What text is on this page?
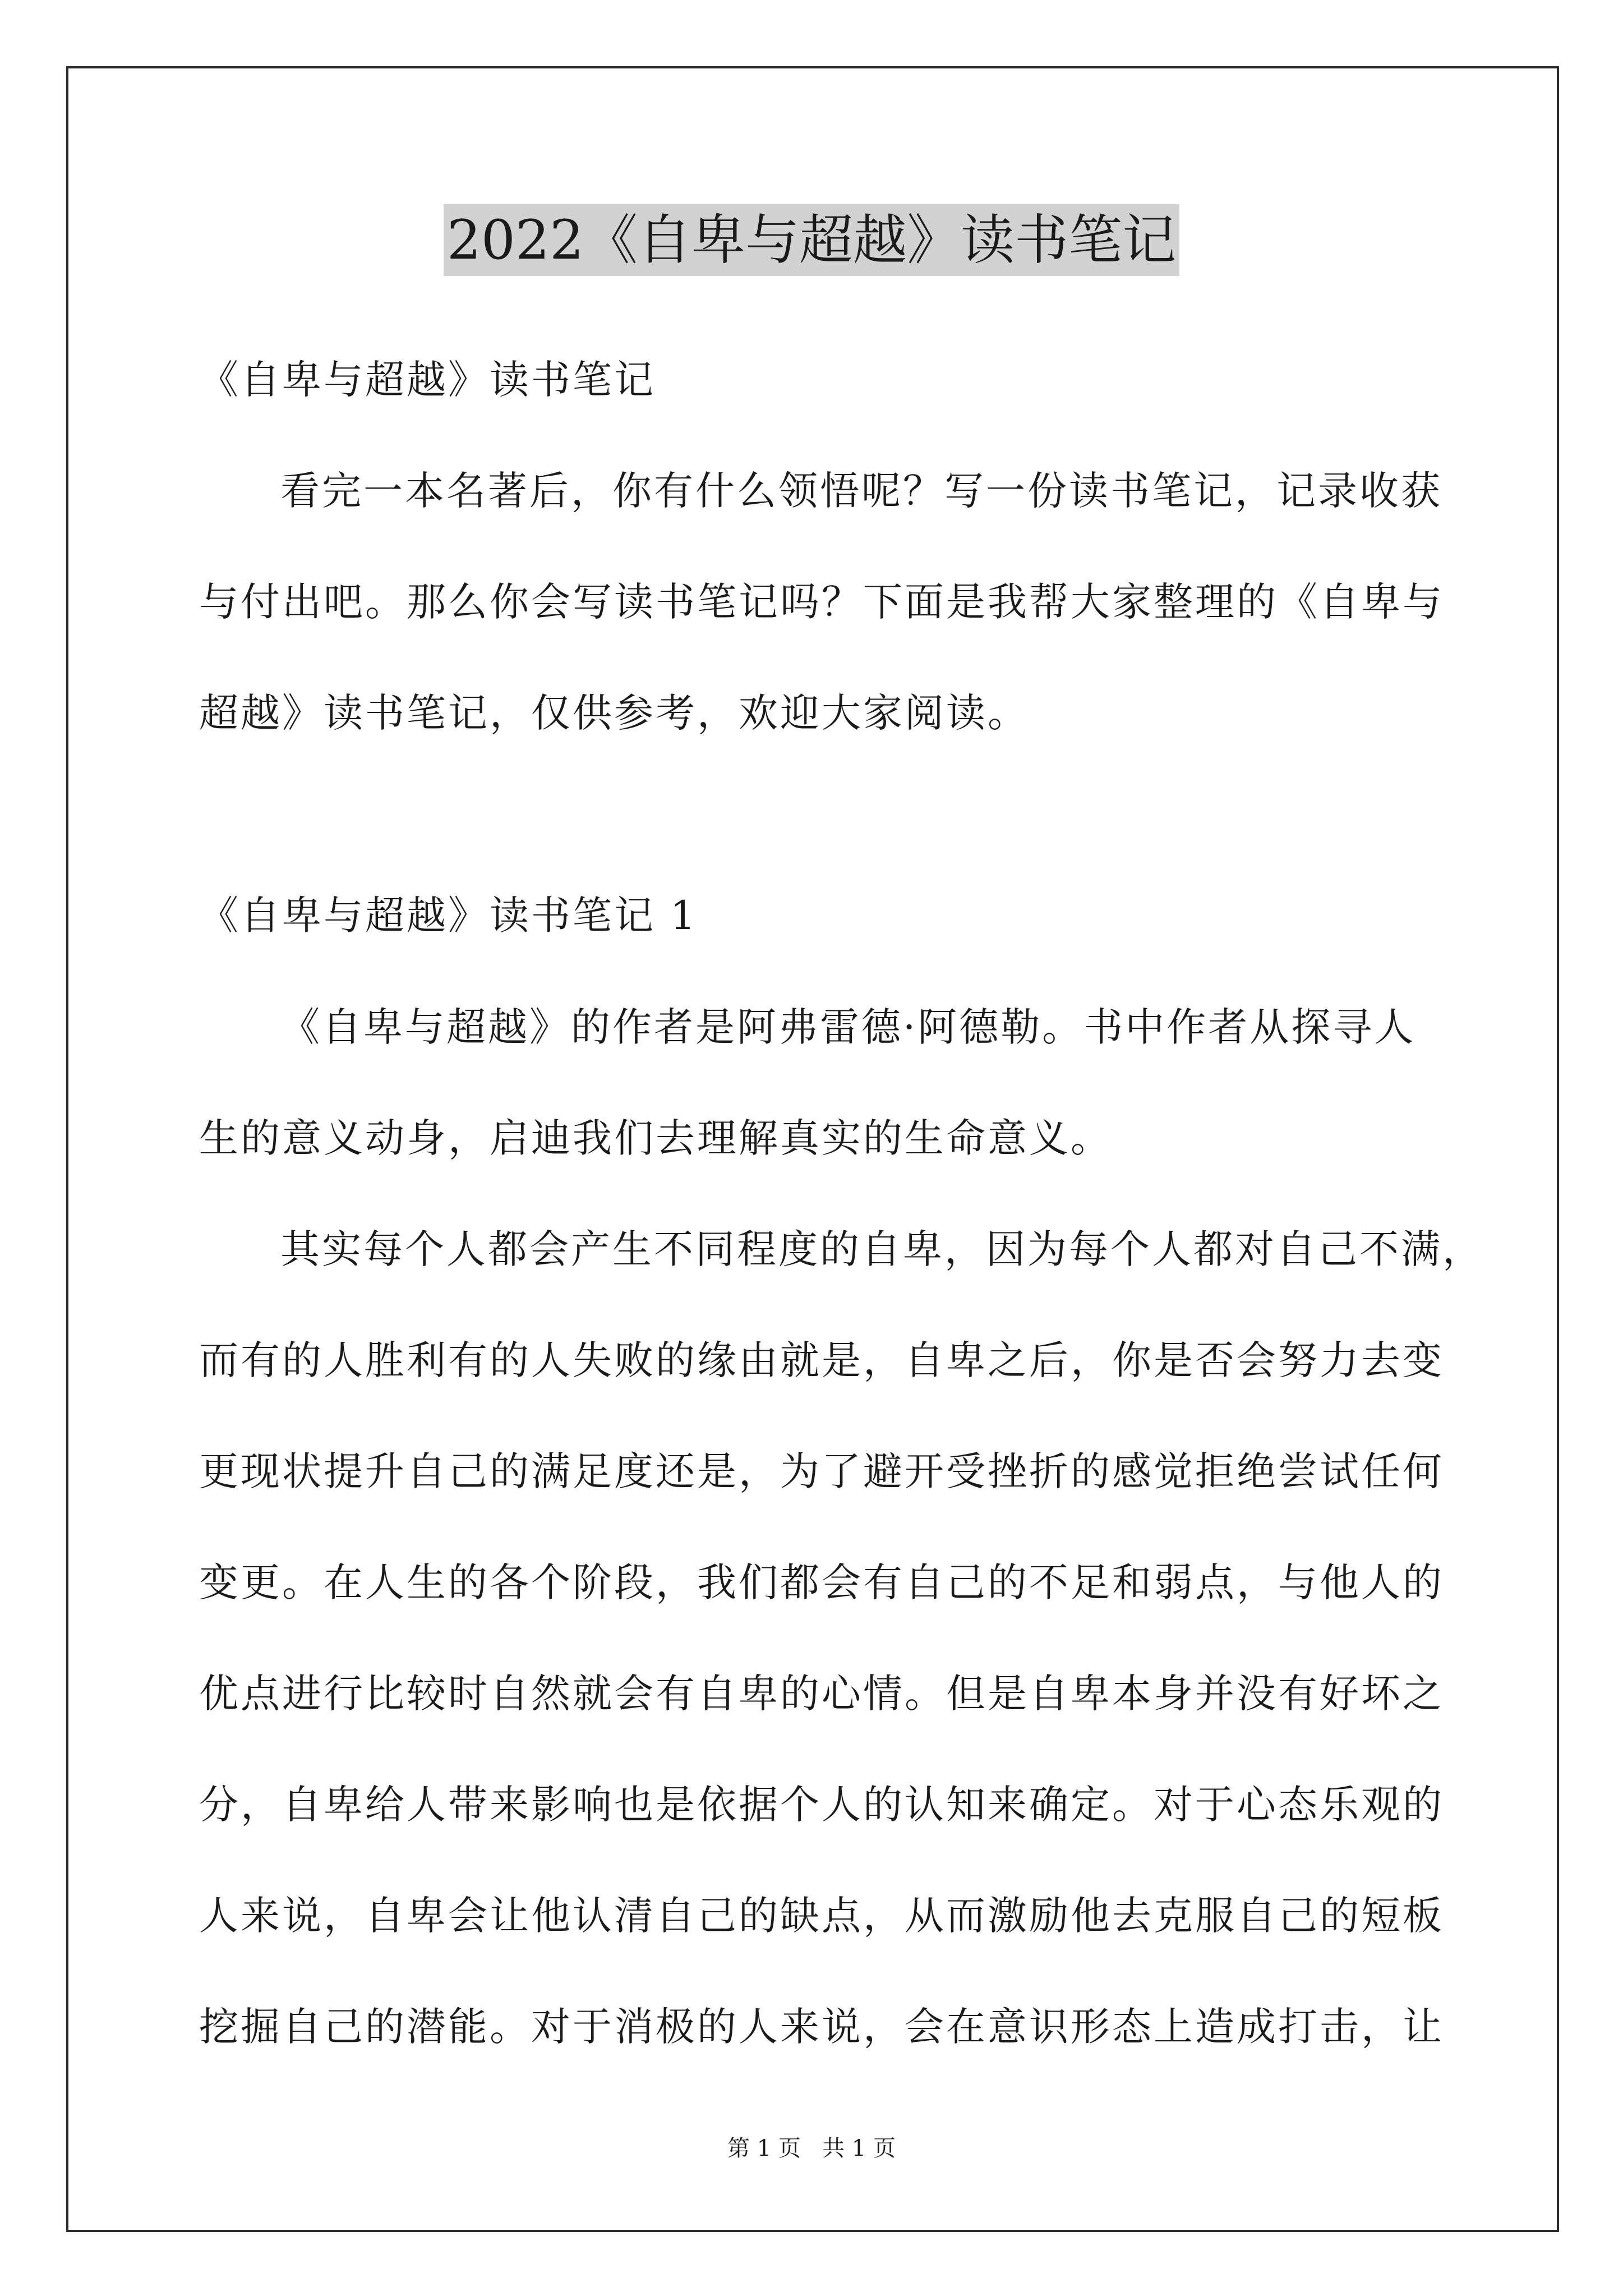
2022《自卑与超越》读书笔记
《自卑与超越》读书笔记
看完一本名著后，你有什么领悟呢？写一份读书笔记，记录收获
与付出吧。那么你会写读书笔记吗？下面是我帮大家整理的《自卑与
超越》读书笔记，仅供参考，欢迎大家阅读。
《自卑与超越》读书笔记 1
《自卑与超越》的作者是阿弗雷德·阿德勒。书中作者从探寻人
生的意义动身，启迪我们去理解真实的生命意义。
其实每个人都会产生不同程度的自卑，因为每个人都对自己不满，
而有的人胜利有的人失败的缘由就是，自卑之后，你是否会努力去变
更现状提升自己的满足度还是，为了避开受挫折的感觉拒绝尝试任何
变更。在人生的各个阶段，我们都会有自己的不足和弱点，与他人的
优点进行比较时自然就会有自卑的心情。但是自卑本身并没有好坏之
分，自卑给人带来影响也是依据个人的认知来确定。对于心态乐观的
人来说，自卑会让他认清自己的缺点，从而激励他去克服自己的短板
挖掘自己的潜能。对于消极的人来说，会在意识形态上造成打击，让
第 1 页   共 1 页
